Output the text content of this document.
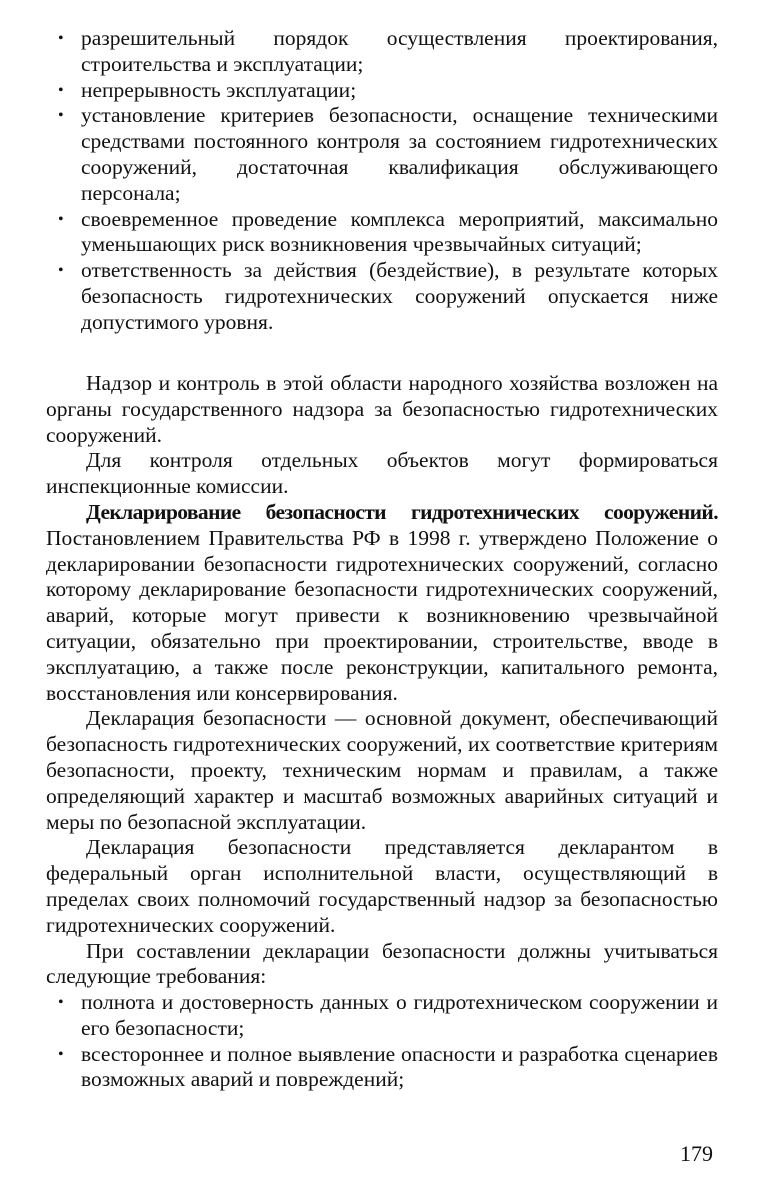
• разрешительный порядок осуществления проектирования, строительства и эксплуатации;
• непрерывность эксплуатации;
• установление критериев безопасности, оснащение техническими средствами постоянного контроля за состоянием гидротехнических сооружений, достаточная квалификация обслуживающего персонала;
• своевременное проведение комплекса мероприятий, максимально уменьшающих риск возникновения чрезвычайных ситуаций;
• ответственность за действия (бездействие), в результате которых безопасность гидротехнических сооружений опускается ниже допустимого уровня.

Надзор и контроль в этой области народного хозяйства возложен на органы государственного надзора за безопасностью гидротехнических сооружений.

Для контроля отдельных объектов могут формироваться инспекционные комиссии.

Декларирование безопасности гидротехнических сооружений. Постановлением Правительства РФ в 1998 г. утверждено Положение о декларировании безопасности гидротехнических сооружений, согласно которому декларирование безопасности гидротехнических сооружений, аварий, которые могут привести к возникновению чрезвычайной ситуации, обязательно при проектировании, строительстве, вводе в эксплуатацию, а также после реконструкции, капитального ремонта, восстановления или консервирования.

Декларация безопасности — основной документ, обеспечивающий безопасность гидротехнических сооружений, их соответствие критериям безопасности, проекту, техническим нормам и правилам, а также определяющий характер и масштаб возможных аварийных ситуаций и меры по безопасной эксплуатации.

Декларация безопасности представляется декларантом в федеральный орган исполнительной власти, осуществляющий в пределах своих полномочий государственный надзор за безопасностью гидротехнических сооружений.

При составлении декларации безопасности должны учитываться следующие требования:

• полнота и достоверность данных о гидротехническом сооружении и его безопасности;
• всестороннее и полное выявление опасности и разработка сценариев возможных аварий и повреждений;
179
